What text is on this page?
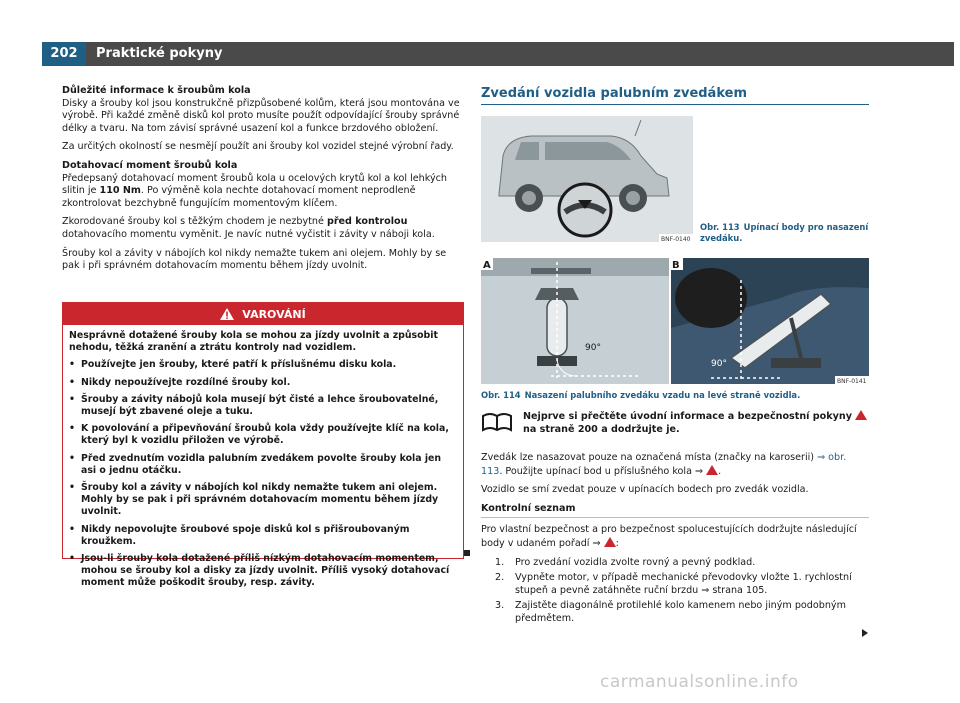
202	Praktické pokyny

Důležité informace k šroubům kola

Disky a šrouby kol jsou konstrukčně přizpůsobené kolům, která jsou montována ve výrobě. Při každé změně disků kol proto musíte použít odpovídající šrouby správné délky a tvaru. Na tom závisí správné usazení kol a funkce brzdového obložení.

Za určitých okolností se nesmějí použít ani šrouby kol vozidel stejné výrobní řady.

Dotahovací moment šroubů kola

Předepsaný dotahovací moment šroubů kola u ocelových krytů kol a kol lehkých slitin je 110 Nm. Po výměně kola nechte dotahovací moment neprodleně zkontrolovat bezchybně fungujícím momentovým klíčem.

Zkorodované šrouby kol s těžkým chodem je nezbytné před kontrolou dotahovacího momentu vyměnit. Je navíc nutné vyčistit i závity v náboji kola.

Šrouby kol a závity v nábojích kol nikdy nemažte tukem ani olejem. Mohly by se pak i při správném dotahovacím momentu během jízdy uvolnit.

VAROVÁNÍ

Nesprávně dotažené šrouby kola se mohou za jízdy uvolnit a způsobit nehodu, těžká zranění a ztrátu kontroly nad vozidlem.

• Používejte jen šrouby, které patří k příslušnému disku kola.

• Nikdy nepoužívejte rozdílné šrouby kol.

• Šrouby a závity nábojů kola musejí být čisté a lehce šroubovatelné, musejí být zbavené oleje a tuku.

• K povolování a připevňování šroubů kola vždy používejte klíč na kola, který byl k vozidlu přiložen ve výrobě.

• Před zvednutím vozidla palubním zvedákem povolte šrouby kola jen asi o jednu otáčku.

• Šrouby kol a závity v nábojích kol nikdy nemažte tukem ani olejem. Mohly by se pak i při správném dotahovacím momentu během jízdy uvolnit.

• Nikdy nepovolujte šroubové spoje disků kol s přišroubovaným kroužkem.

• Jsou-li šrouby kola dotažené příliš nízkým dotahovacím momentem, mohou se šrouby kol a disky za jízdy uvolnit. Příliš vysoký dotahovací moment může poškodit šrouby, resp. závity.

Zvedání vozidla palubním zvedákem
BNF-0140
Obr. 113 Upínací body pro nasazení zvedáku.
A
90°
B
90°
BNF-0141
Obr. 114 Nasazení palubního zvedáku vzadu na levé straně vozidla.
Nejprve si přečtěte úvodní informace a bezpečnostní pokyny  na straně 200 a dodržujte je.

Zvedák lze nasazovat pouze na označená místa (značky na karoserii) ⇒ obr. 113. Použijte upínací bod u příslušného kola ⇒ .

Vozidlo se smí zvedat pouze v upínacích bodech pro zvedák vozidla.

Kontrolní seznam

Pro vlastní bezpečnost a pro bezpečnost spolucestujících dodržujte následující body v udaném pořadí ⇒ :

1. Pro zvedání vozidla zvolte rovný a pevný podklad.
2. Vypněte motor, v případě mechanické převodovky vložte 1. rychlostní stupeň a pevně zatáhněte ruční brzdu ⇒ strana 105.
3. Zajistěte diagonálně protilehlé kolo kamenem nebo jiným podobným předmětem.
carmanualsonline.info
